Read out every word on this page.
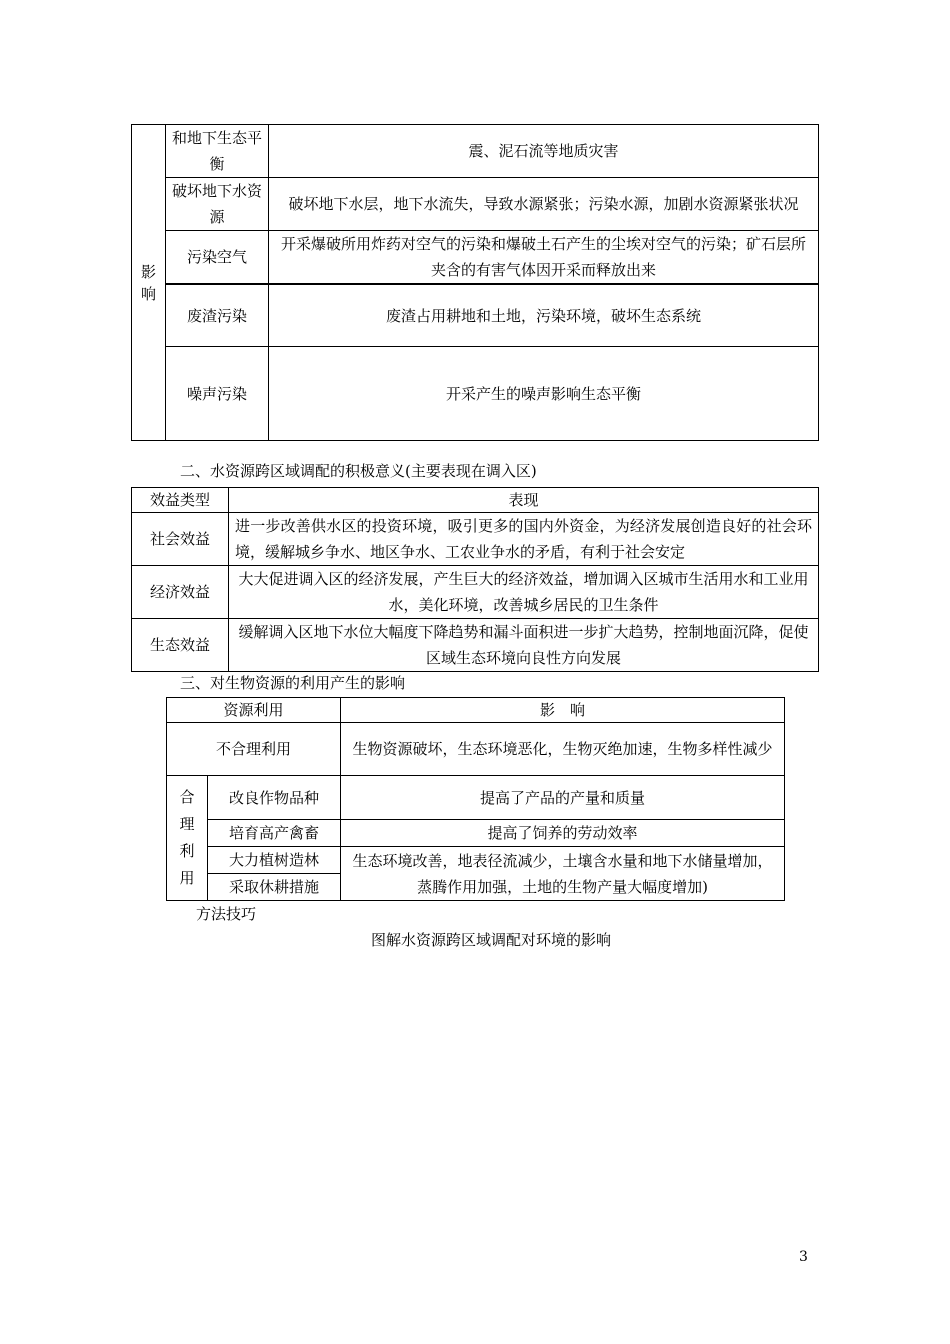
影
响	和地下生态平衡	震、泥石流等地质灾害
	破坏地下水资源	破坏地下水层，地下水流失，导致水源紧张；污染水源，加剧水资源紧张状况
	污染空气	开采爆破所用炸药对空气的污染和爆破土石产生的尘埃对空气的污染；矿石层所夹含的有害气体因开采而释放出来

	废渣污染	废渣占用耕地和土地，污染环境，破坏生态系统
	噪声污染	开采产生的噪声影响生态平衡
二、水资源跨区域调配的积极意义(主要表现在调入区)
效益类型	表现
社会效益	进一步改善供水区的投资环境，吸引更多的国内外资金，为经济发展创造良好的社会环境，缓解城乡争水、地区争水、工农业争水的矛盾，有利于社会安定
经济效益	大大促进调入区的经济发展，产生巨大的经济效益，增加调入区城市生活用水和工业用水，美化环境，改善城乡居民的卫生条件
生态效益	缓解调入区地下水位大幅度下降趋势和漏斗面积进一步扩大趋势，控制地面沉降，促使区域生态环境向良性方向发展
三、对生物资源的利用产生的影响
资源利用		影　响
不合理利用		生物资源破坏，生态环境恶化，生物灭绝加速，生物多样性减少

合
理
利
用	改良作物品种	提高了产品的产量和质量
	培育高产禽畜	提高了饲养的劳动效率
	大力植树造林	生态环境改善，地表径流减少，土壤含水量和地下水储量增加，蒸腾作用加强，土地的生物产量大幅度增加)
	采取休耕措施	
方法技巧
图解水资源跨区域调配对环境的影响
3
